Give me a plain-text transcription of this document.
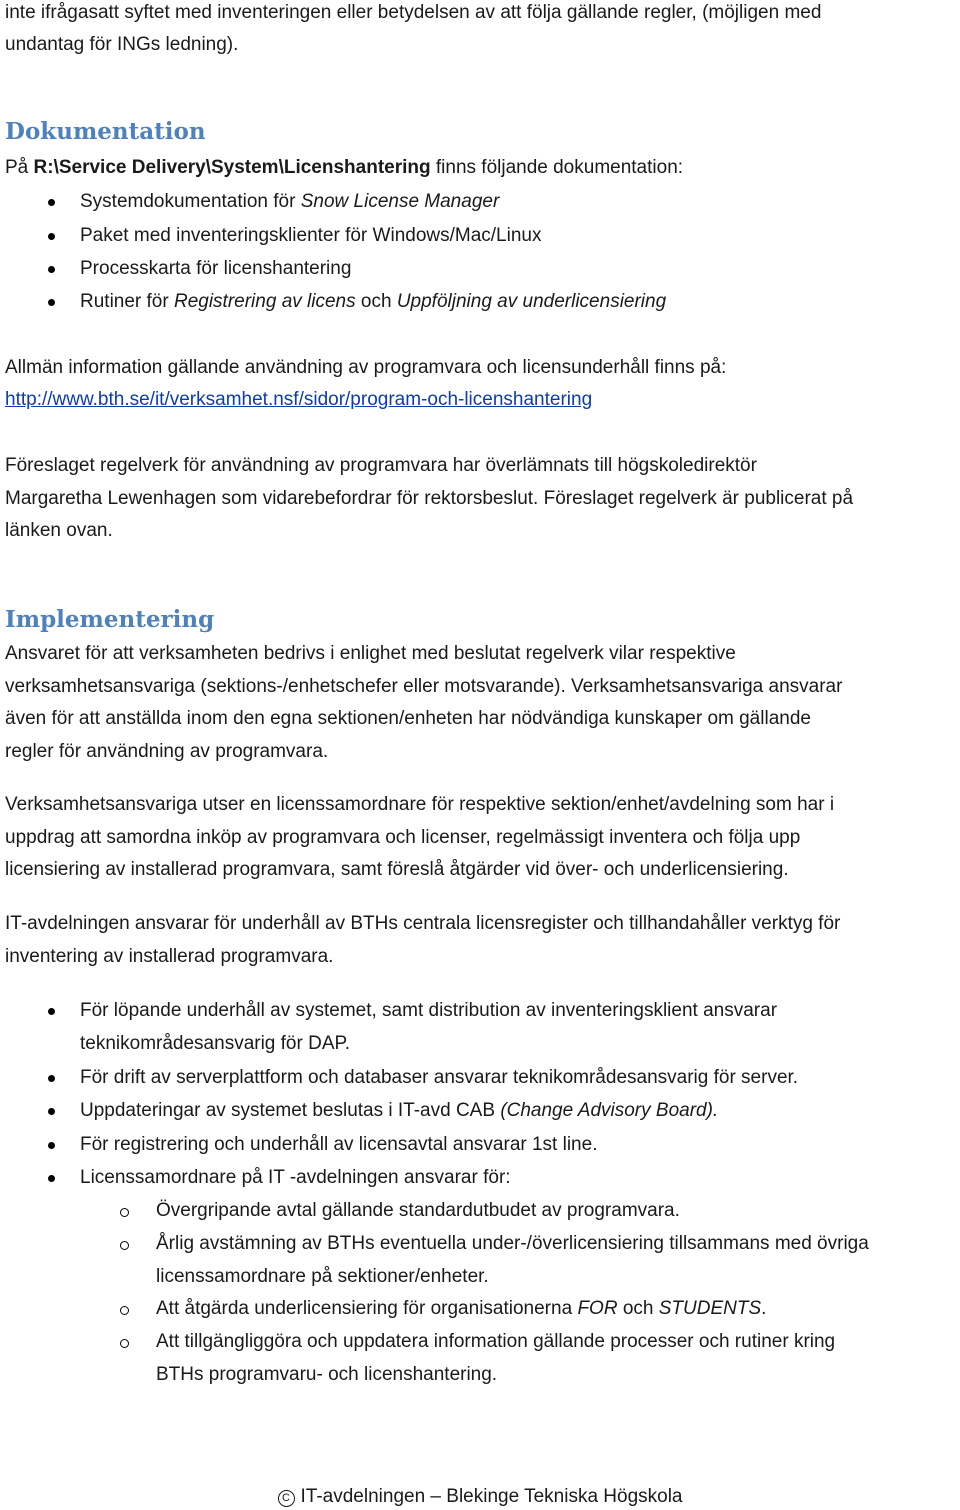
inte ifrågasatt syftet med inventeringen eller betydelsen av att följa gällande regler, (möjligen med
undantag för INGs ledning).
Dokumentation
På R:\Service Delivery\System\Licenshantering finns följande dokumentation:
Systemdokumentation för Snow License Manager
Paket med inventeringsklienter för Windows/Mac/Linux
Processkarta för licenshantering
Rutiner för Registrering av licens och Uppföljning av underlicensiering
Allmän information gällande användning av programvara och licensunderhåll finns på:
http://www.bth.se/it/verksamhet.nsf/sidor/program-och-licenshantering
Föreslaget regelverk för användning av programvara har överlämnats till högskoledirektör
Margaretha Lewenhagen som vidarebefordrar för rektorsbeslut. Föreslaget regelverk är publicerat på
länken ovan.
Implementering
Ansvaret för att verksamheten bedrivs i enlighet med beslutat regelverk vilar respektive
verksamhetsansvariga (sektions-/enhetschefer eller motsvarande). Verksamhetsansvariga ansvarar
även för att anställda inom den egna sektionen/enheten har nödvändiga kunskaper om gällande
regler för användning av programvara.
Verksamhetsansvariga utser en licenssamordnare för respektive sektion/enhet/avdelning som har i
uppdrag att samordna inköp av programvara och licenser, regelmässigt inventera och följa upp
licensiering av installerad programvara, samt föreslå åtgärder vid över- och underlicensiering.
IT-avdelningen ansvarar för underhåll av BTHs centrala licensregister och tillhandahåller verktyg för
inventering av installerad programvara.
För löpande underhåll av systemet, samt distribution av inventeringsklient ansvarar
teknikområdesansvarig för DAP.
För drift av serverplattform och databaser ansvarar teknikområdesansvarig för server.
Uppdateringar av systemet beslutas i IT-avd CAB (Change Advisory Board).
För registrering och underhåll av licensavtal ansvarar 1st line.
Licenssamordnare på IT -avdelningen ansvarar för:
Övergripande avtal gällande standardutbudet av programvara.
Årlig avstämning av BTHs eventuella under-/överlicensiering tillsammans med övriga
licenssamordnare på sektioner/enheter.
Att åtgärda underlicensiering för organisationerna FOR och STUDENTS.
Att tillgängliggöra och uppdatera information gällande processer och rutiner kring
BTHs programvaru- och licenshantering.
C IT-avdelningen – Blekinge Tekniska Högskola
